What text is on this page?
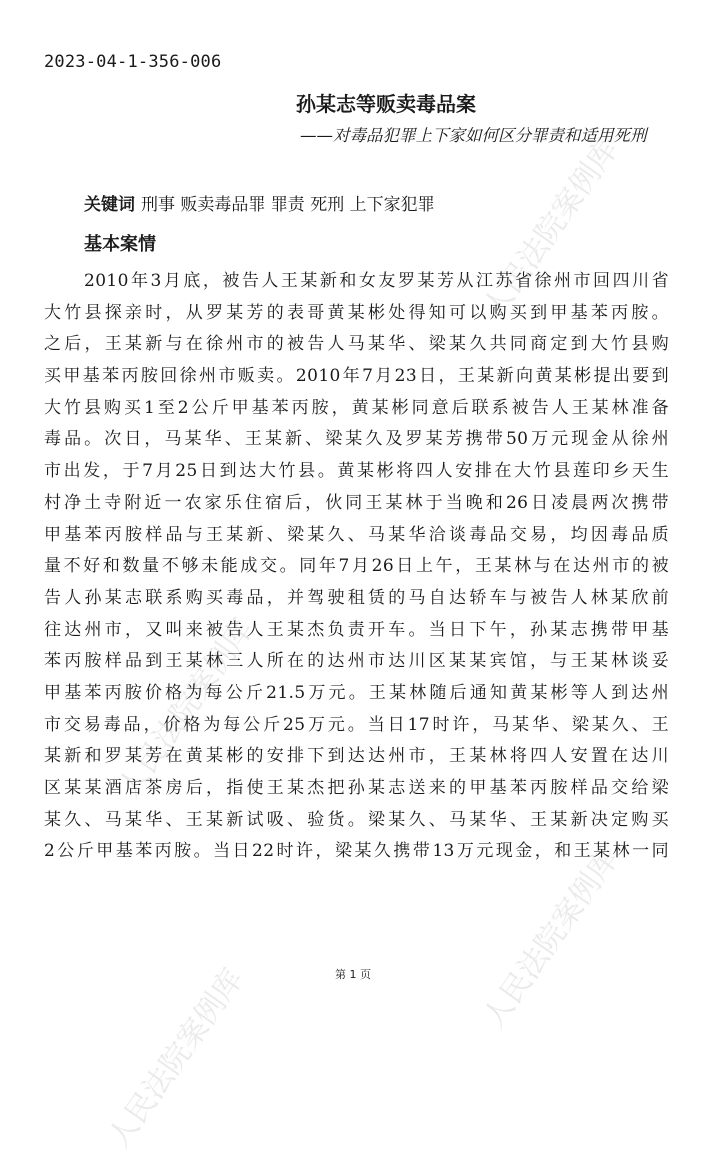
人民法院案例库
人民法院案例库
人民法院案例库
人民法院案例库
2023-04-1-356-006
孙某志等贩卖毒品案
——对毒品犯罪上下家如何区分罪责和适用死刑
关键词 刑事 贩卖毒品罪 罪责 死刑 上下家犯罪
基本案情
2010年3月底，被告人王某新和女友罗某芳从江苏省徐州市回四川省
大竹县探亲时，从罗某芳的表哥黄某彬处得知可以购买到甲基苯丙胺。
之后，王某新与在徐州市的被告人马某华、梁某久共同商定到大竹县购
买甲基苯丙胺回徐州市贩卖。2010年7月23日，王某新向黄某彬提出要到
大竹县购买1至2公斤甲基苯丙胺，黄某彬同意后联系被告人王某林准备
毒品。次日，马某华、王某新、梁某久及罗某芳携带50万元现金从徐州
市出发，于7月25日到达大竹县。黄某彬将四人安排在大竹县莲印乡天生
村净土寺附近一农家乐住宿后，伙同王某林于当晚和26日凌晨两次携带
甲基苯丙胺样品与王某新、梁某久、马某华洽谈毒品交易，均因毒品质
量不好和数量不够未能成交。同年7月26日上午，王某林与在达州市的被
告人孙某志联系购买毒品，并驾驶租赁的马自达轿车与被告人林某欣前
往达州市，又叫来被告人王某杰负责开车。当日下午，孙某志携带甲基
苯丙胺样品到王某林三人所在的达州市达川区某某宾馆，与王某林谈妥
甲基苯丙胺价格为每公斤21.5万元。王某林随后通知黄某彬等人到达州
市交易毒品，价格为每公斤25万元。当日17时许，马某华、梁某久、王
某新和罗某芳在黄某彬的安排下到达达州市，王某林将四人安置在达川
区某某酒店茶房后，指使王某杰把孙某志送来的甲基苯丙胺样品交给梁
某久、马某华、王某新试吸、验货。梁某久、马某华、王某新决定购买
2公斤甲基苯丙胺。当日22时许，梁某久携带13万元现金，和王某林一同
第 1 页
